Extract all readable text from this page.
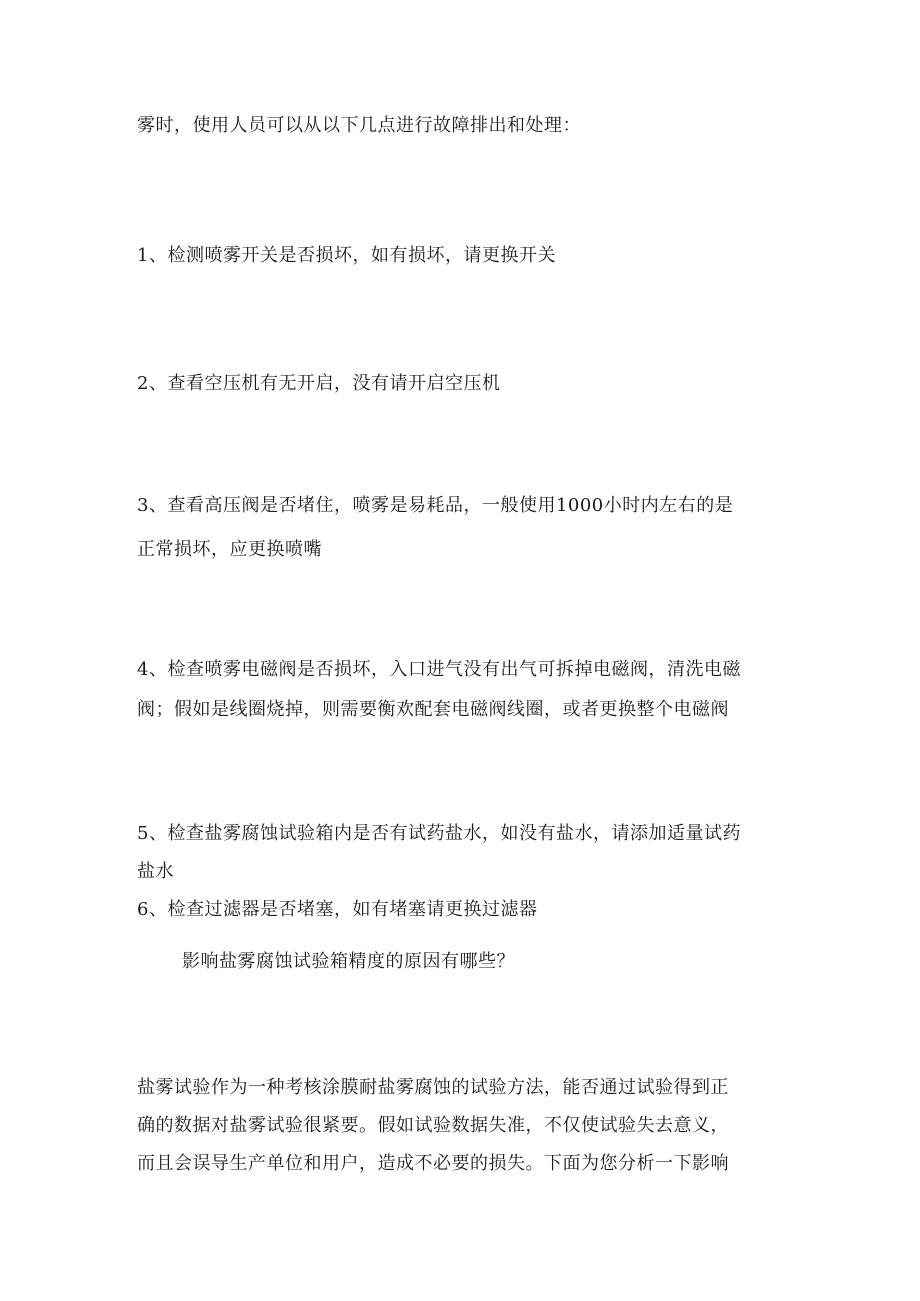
雾时，使用人员可以从以下几点进行故障排出和处理：
1、检测喷雾开关是否损坏，如有损坏，请更换开关
2、查看空压机有无开启，没有请开启空压机
3、查看高压阀是否堵住，喷雾是易耗品，一般使用1000小时内左右的是
正常损坏，应更换喷嘴
4、检查喷雾电磁阀是否损坏，入口进气没有出气可拆掉电磁阀，清洗电磁
阀；假如是线圈烧掉，则需要衡欢配套电磁阀线圈，或者更换整个电磁阀
5、检查盐雾腐蚀试验箱内是否有试药盐水，如没有盐水，请添加适量试药
盐水
6、检查过滤器是否堵塞，如有堵塞请更换过滤器
影响盐雾腐蚀试验箱精度的原因有哪些？
盐雾试验作为一种考核涂膜耐盐雾腐蚀的试验方法，能否通过试验得到正
确的数据对盐雾试验很紧要。假如试验数据失准，不仅使试验失去意义，
而且会误导生产单位和用户，造成不必要的损失。下面为您分析一下影响
